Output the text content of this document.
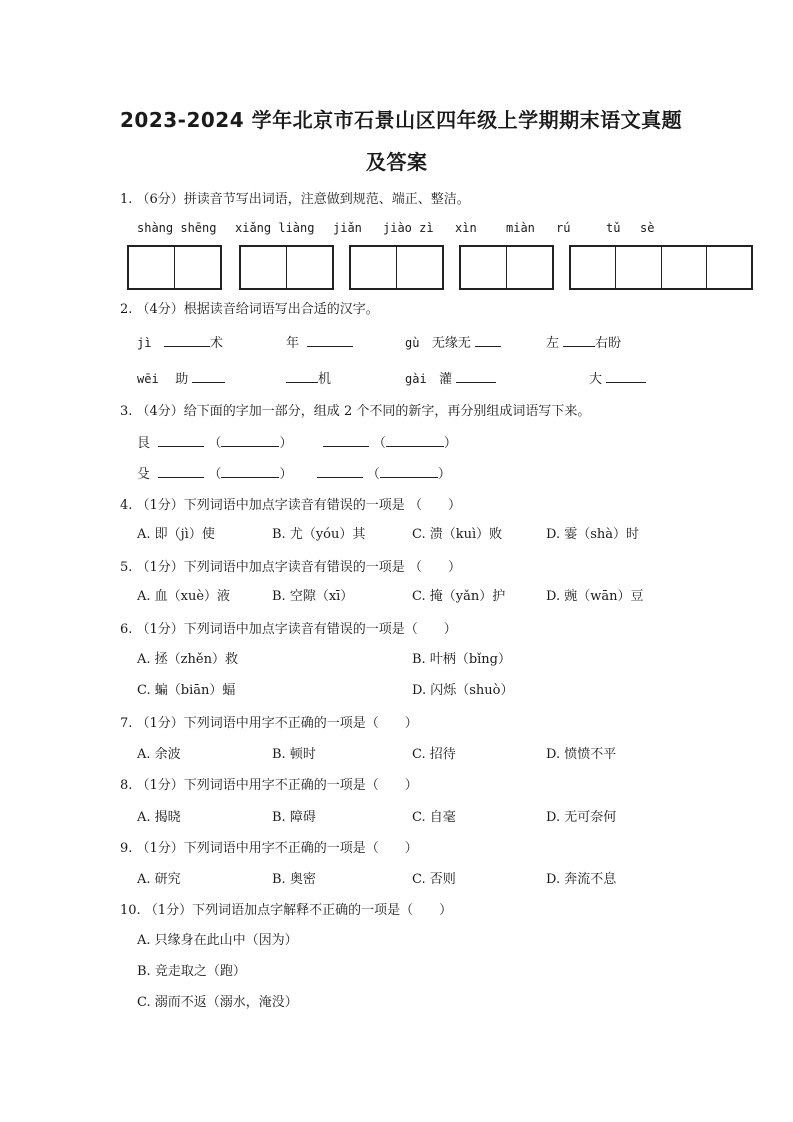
2023-2024 学年北京市石景山区四年级上学期期末语文真题
及答案
1. （6分）拼读音节写出词语，注意做到规范、端正、整洁。
shàng shēng xiǎng liàng jiǎn jiào zì xìn miàn rú	tǔ sè
2. （4分）根据读音给词语写出合适的汉字。
jì	术	年	gù 无缘无	左	右盼
wēi 助	机	gài 灌	大
3. （4分）给下面的字加一部分，组成 2 个不同的新字，再分别组成词语写下来。
艮	（	）	（	）
殳	（	）	（	）
4. （1分）下列词语中加点字读音有错误的一项是 （　　）
A. 即（jì）使	B. 尤（yóu）其	C. 溃（kuì）败	D. 霎（shà）时
5. （1分）下列词语中加点字读音有错误的一项是 （　　）
A. 血（xuè）液	B. 空隙（xī）	C. 掩（yǎn）护	D. 豌（wān）豆
6. （1分）下列词语中加点字读音有错误的一项是（　　）
A. 拯（zhěn）救	B. 叶柄（bǐng）
C. 蝙（biān）蝠	D. 闪烁（shuò）
7. （1分）下列词语中用字不正确的一项是（　　）
A. 余波	B. 顿时	C. 招待	D. 愤愤不平
8. （1分）下列词语中用字不正确的一项是（　　）
A. 揭晓	B. 障碍	C. 自毫	D. 无可奈何
9. （1分）下列词语中用字不正确的一项是（　　）
A. 研究	B. 奥密	C. 否则	D. 奔流不息
10. （1分）下列词语加点字解释不正确的一项是（　　）
A. 只缘身在此山中（因为）
B. 竞走取之（跑）
C. 溺而不返（溺水，淹没）
